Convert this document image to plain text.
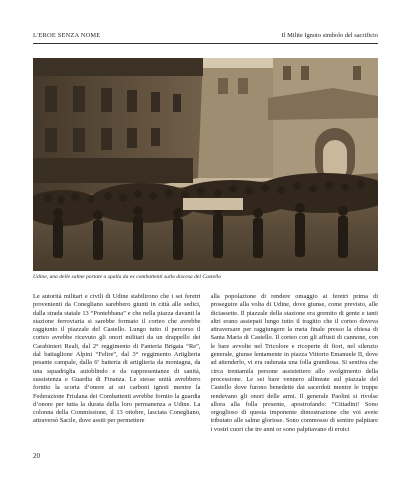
L'EROE SENZA NOME	Il Milite Ignoto simbolo del sacrificio
Udine, una delle salme portate a spalla da ex combattenti sulla discesa del Castello

Le autorità militari e civili di Udine stabilirono che i sei feretri provenienti da Conegliano sarebbero giunti in città alle sedici, dalla strada statale 13 “Pontebbana” e che nella piazza davanti la stazione ferroviaria si sarebbe formato il corteo che avrebbe raggiunto il piazzale del Castello. Lungo tutto il percorso il corteo avrebbe ricevuto gli onori militari da un drappello dei Carabinieri Reali, dal 2° reggimento di Fanteria Brigata “Re”, dal battaglione Alpini “Feltre”, dal 3° reggimento Artiglieria pesante campale, dalla 6ª batteria di artiglieria da montagna, da una squadriglia autoblindo e da rappresentanze di sanità, sussistenza e Guardia di Finanza. Le stesse unità avrebbero fornito la scorta d’onore ai sei carboni ignoti mentre la Federazione Friulana dei Combattenti avrebbe fornito la guardia d’onore per tutta la durata della loro permanenza a Udine. La colonna della Commissione, il 13 ottobre, lasciata Conegliano, attraversò Sacile, dove assiti per permettere

alla popolazione di rendere omaggio ai feretri prima di proseguire alla volta di Udine, dove giunse, come previsto, alle diciassette. Il piazzale della stazione era gremito di gente e tanti altri erano assiepati lungo tutto il tragitto che il corteo doveva attraversare per raggiungere la meta finale presso la chiesa di Santa Maria di Castello. Il corteo con gli affusti di cannone, con le bare avvolte nel Tricolore e ricoperte di fiori, nel silenzio generale, giunse lentamente in piazza Vittorio Emanuele II, dove ad attenderlo, vi era radunata una folla grandiosa. Si sentiva che circa trentamila persone assistettero allo svolgimento della processione. Le sei bare vennero allineate sul piazzale del Castello dove furono benedette dai sacerdoti mentre le truppe rendevano gli onori delle armi. Il generale Paolini si rivolse allora alla folla presente, apostrofando: “Cittadini! Sono orgoglioso di questa imponente dimostrazione che voi avete tributato alle salme gloriose. Sono commosso di sentire palpitare i vostri cuori che tre anni or sono palpitavano di eroici

20
